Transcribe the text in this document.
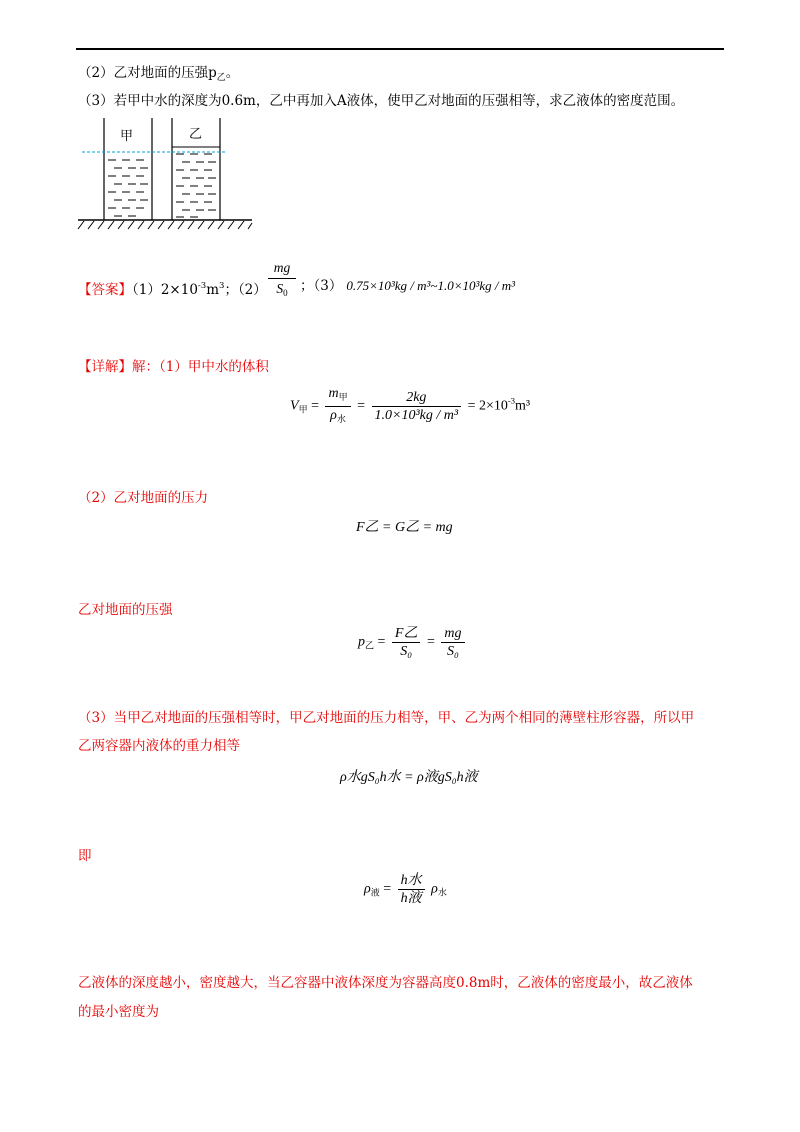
（2）乙对地面的压强$p_乙$。
（3）若甲中水的深度为0.6m，乙中再加入A液体，使甲乙对地面的压强相等，求乙液体的密度范围。
甲	乙
【答案】$(1)2\times 10^{-3}m^3$；（2）
mg
$S_0$ ；（3） 0.75×10³kg / m³~1.0×10³kg / m³
【详解】解：（1）甲中水的体积
$V_甲 = \frac{m_甲}{\rho_水} = \frac{2kg}{\text{1.0×10³kg / m³}} = 2\times 10^{-3}m^3$
（2）乙对地面的压力
F乙 = G乙 = mg
乙对地面的压强
$p_乙 = \frac{\text{F乙}}{\text{S₀}} = \frac{mg}{\text{S₀}}$
（3）当甲乙对地面的压强相等时，甲乙对地面的压力相等，甲、乙为两个相同的薄壁柱形容器，所以甲
乙两容器内液体的重力相等
ρ水gS₀h水 = ρ液gS₀h液
即
$\rho_液 = \frac{\text{h水}}{\text{h液}} \rho_水$
乙液体的深度越小，密度越大，当乙容器中液体深度为容器高度0.8m时，乙液体的密度最小，故乙液体
的最小密度为
